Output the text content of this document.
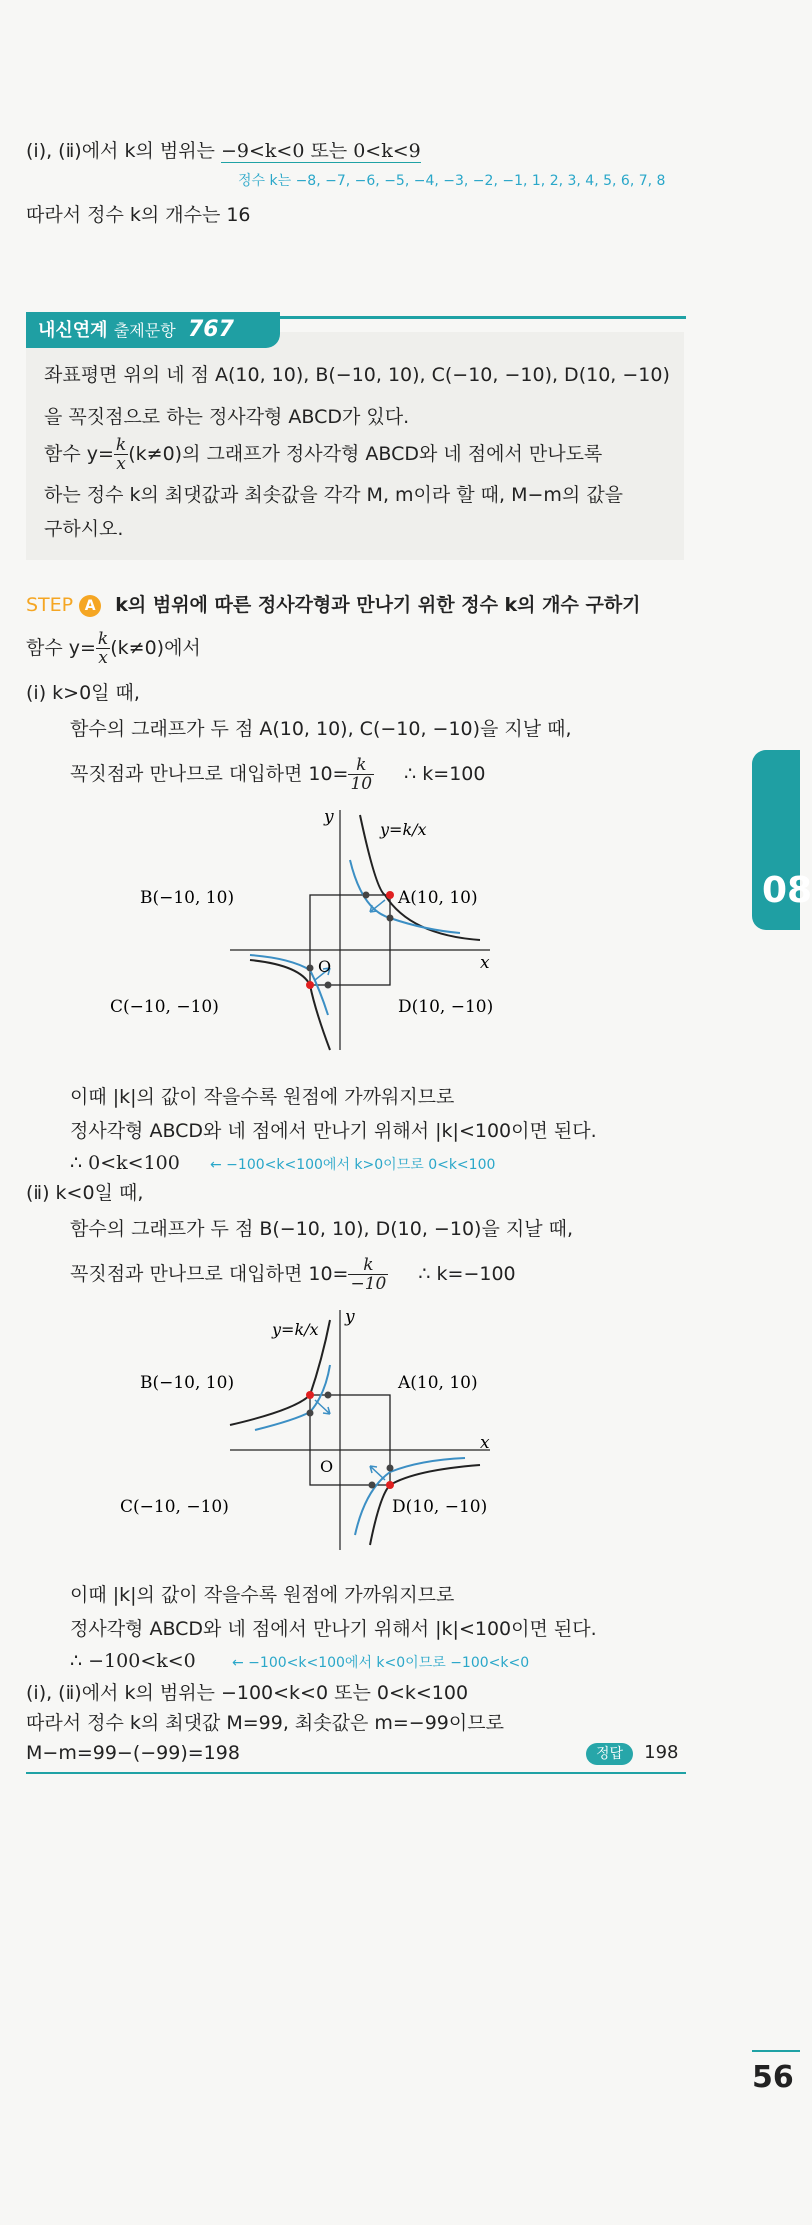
(ⅰ), (ⅱ)에서 k의 범위는 −9<k<0 또는 0<k<9
정수 k는 −8, −7, −6, −5, −4, −3, −2, −1, 1, 2, 3, 4, 5, 6, 7, 8
따라서 정수 k의 개수는 16
내신연계 출제문항 767
좌표평면 위의 네 점 A(10, 10), B(−10, 10), C(−10, −10), D(10, −10)
을 꼭짓점으로 하는 정사각형 ABCD가 있다.
함수 $y= \frac{k}{x} (k\ne 0)$의 그래프가 정사각형 ABCD와 네 점에서 만나도록
하는 정수 k의 최댓값과 최솟값을 각각 M, m이라 할 때, M−m의 값을
구하시오.
STEP A k의 범위에 따른 정사각형과 만나기 위한 정수 k의 개수 구하기
함수 $y= \frac{k}{x} (k\ne 0)$에서
(ⅰ) k>0일 때,
함수의 그래프가 두 점 A(10, 10), C(−10, −10)을 지날 때,
꼭짓점과 만나므로 대입하면 $10= \frac{k}{10}$ ∴ k=100
B(−10, 10)	A(10, 10)
C(−10, −10)	D(10, −10)
O	x
y
y=k/x
이때 |k|의 값이 작을수록 원점에 가까워지므로
정사각형 ABCD와 네 점에서 만나기 위해서 |k|<100이면 된다.
∴ 0<k<100 ← −100<k<100에서 k>0이므로 0<k<100
(ⅱ) k<0일 때,
함수의 그래프가 두 점 B(−10, 10), D(10, −10)을 지날 때,
꼭짓점과 만나므로 대입하면 $10= \frac{k}{-10}$ ∴ k=−100
B(−10, 10)	A(10, 10)
C(−10, −10)	D(10, −10)
O
x
y
y=k/x
이때 |k|의 값이 작을수록 원점에 가까워지므로
정사각형 ABCD와 네 점에서 만나기 위해서 |k|<100이면 된다.
∴ −100<k<0	← −100<k<100에서 k<0이므로 −100<k<0
(ⅰ), (ⅱ)에서 k의 범위는 −100<k<0 또는 0<k<100
따라서 정수 k의 최댓값 M=99, 최솟값은 m=−99이므로
M−m=99−(−99)=198	정답 198
08
56
